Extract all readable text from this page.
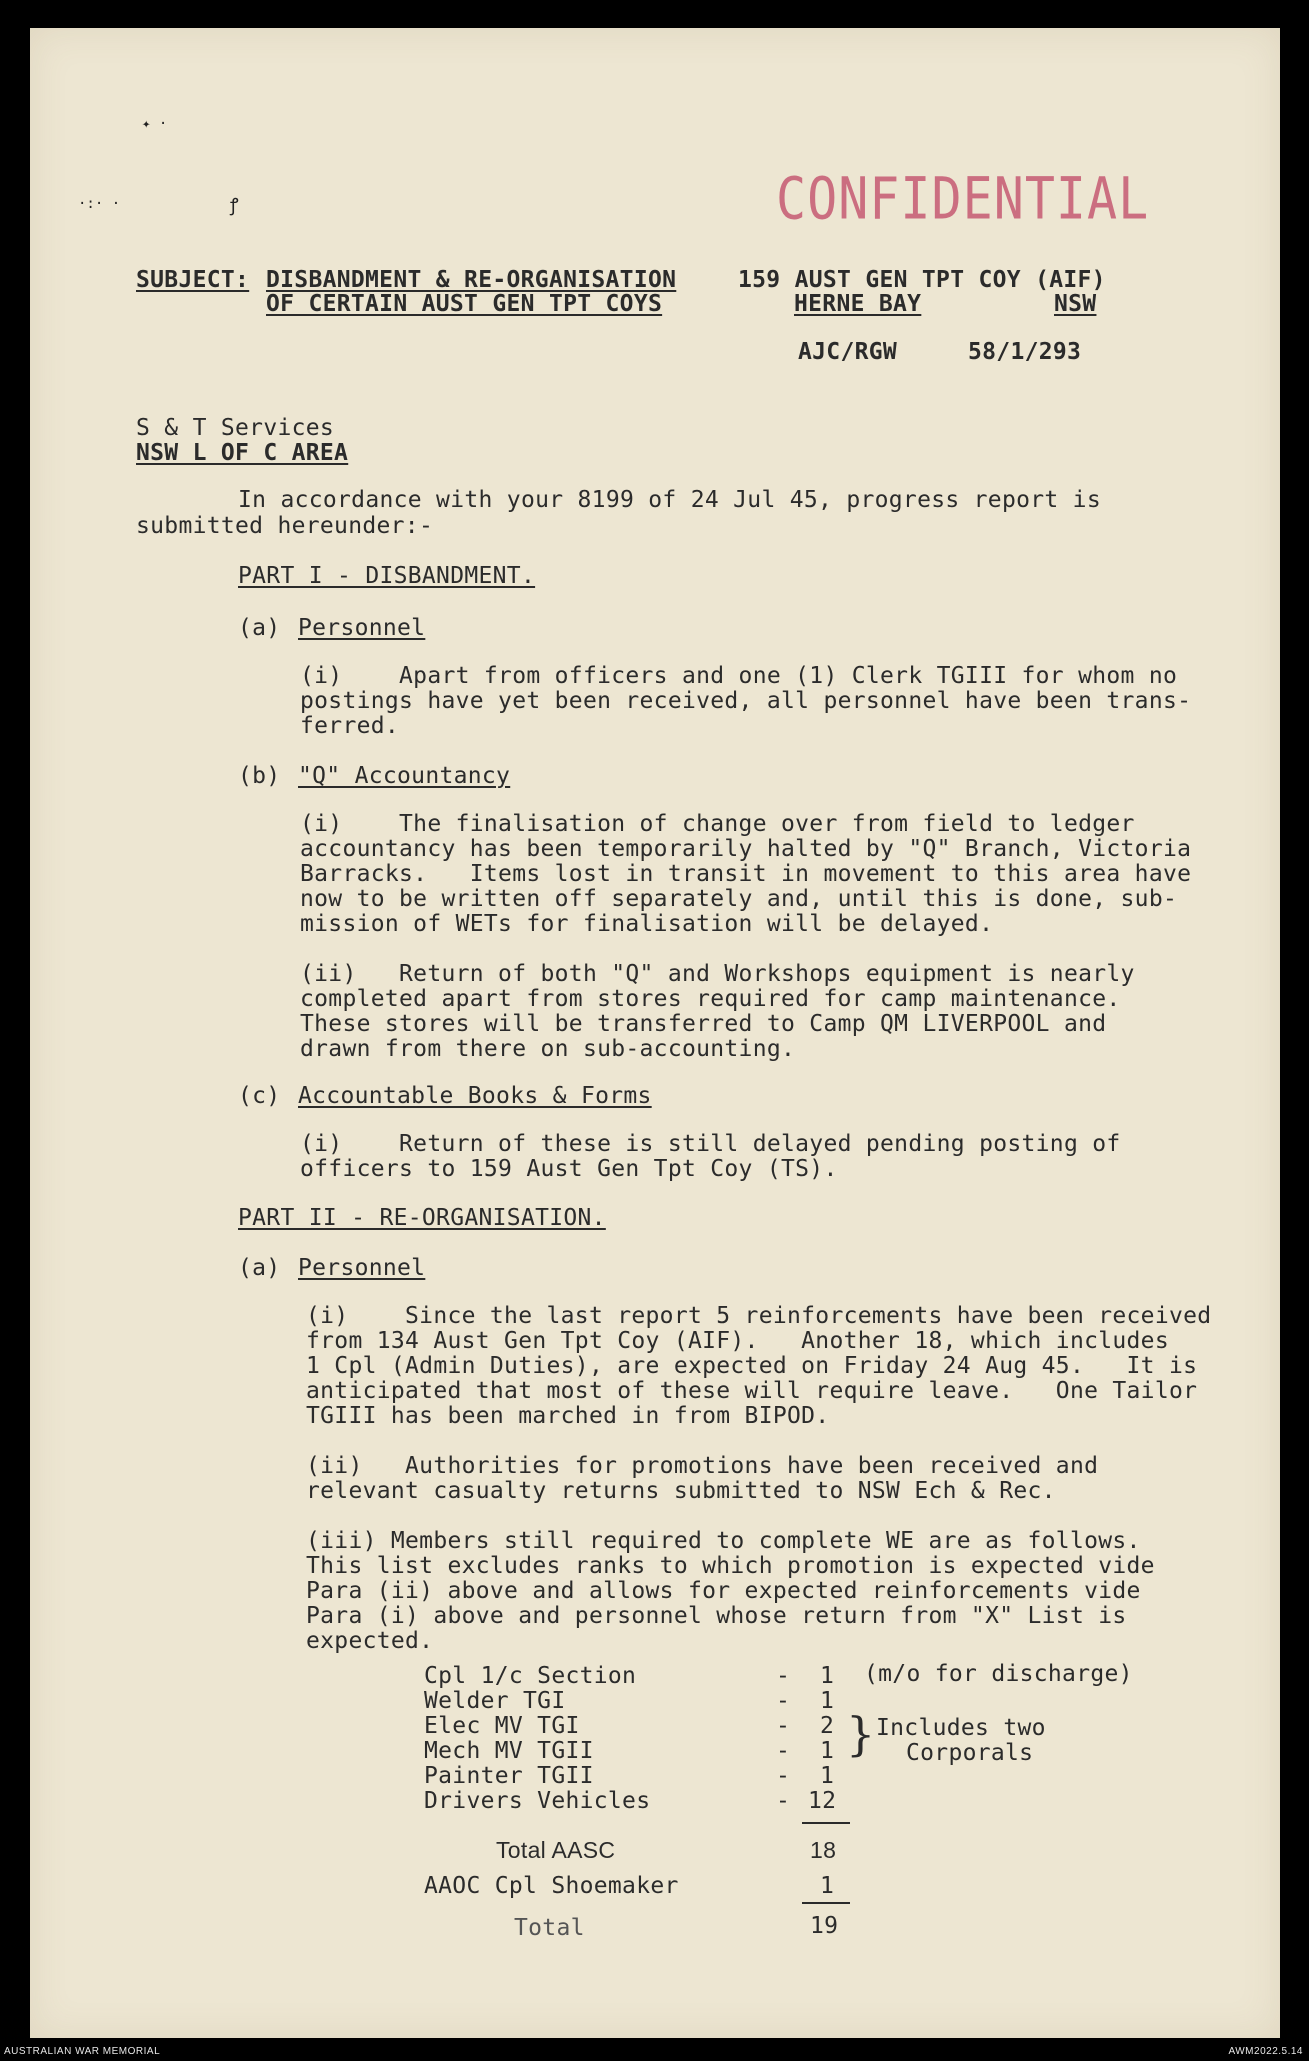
✦ ·
·:· ·	ꝭ	CONFIDENTIAL
SUBJECT: DISBANDMENT & RE-ORGANISATION
OF CERTAIN AUST GEN TPT COYS
159 AUST GEN TPT COY (AIF)
HERNE BAY	NSW
AJC/RGW	58/1/293
S & T Services
NSW L OF C AREA
In accordance with your 8199 of 24 Jul 45, progress report is
submitted hereunder:-
PART I - DISBANDMENT.
(a) Personnel
(i)    Apart from officers and one (1) Clerk TGIII for whom no
postings have yet been received, all personnel have been trans-
ferred.
(b) "Q" Accountancy
(i)    The finalisation of change over from field to ledger
accountancy has been temporarily halted by "Q" Branch, Victoria
Barracks.   Items lost in transit in movement to this area have
now to be written off separately and, until this is done, sub-
mission of WETs for finalisation will be delayed.
(ii)   Return of both "Q" and Workshops equipment is nearly
completed apart from stores required for camp maintenance.
These stores will be transferred to Camp QM LIVERPOOL and
drawn from there on sub-accounting.
(c) Accountable Books & Forms
(i)    Return of these is still delayed pending posting of
officers to 159 Aust Gen Tpt Coy (TS).
PART II - RE-ORGANISATION.
(a) Personnel
(i)    Since the last report 5 reinforcements have been received
from 134 Aust Gen Tpt Coy (AIF).   Another 18, which includes
1 Cpl (Admin Duties), are expected on Friday 24 Aug 45.   It is
anticipated that most of these will require leave.   One Tailor
TGIII has been marched in from BIPOD.
(ii)   Authorities for promotions have been received and
relevant casualty returns submitted to NSW Ech & Rec.
(iii) Members still required to complete WE are as follows.
This list excludes ranks to which promotion is expected vide
Para (ii) above and allows for expected reinforcements vide
Para (i) above and personnel whose return from "X" List is
expected.
Cpl 1/c Section	- 1 (m/o for discharge)
Welder TGI	- 1
Elec MV TGI	- 2
Mech MV TGII	- 1
Painter TGII	- 1
Drivers Vehicles	- 12
} Includes two
Corporals
Total AASC	18
AAOC Cpl Shoemaker	1
Total	19
AUSTRALIAN WAR MEMORIAL	AWM2022.5.14
